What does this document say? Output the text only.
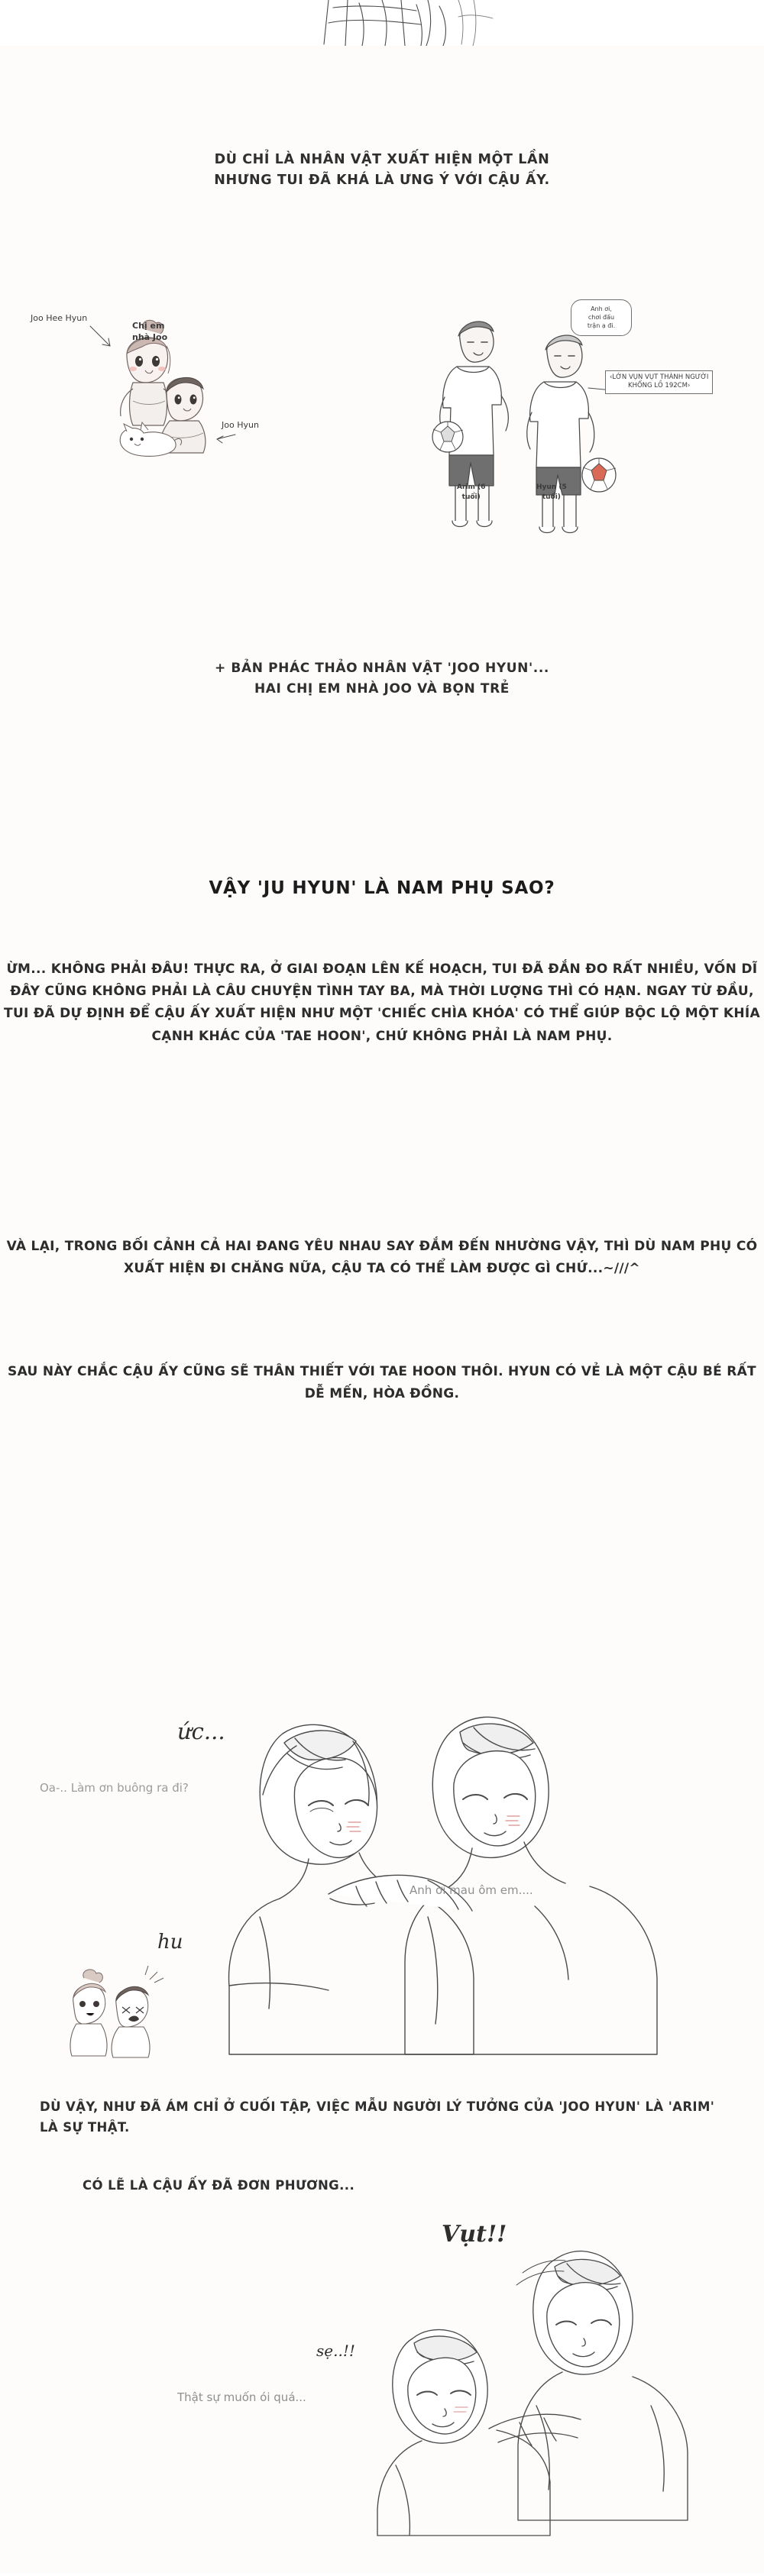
DÙ CHỈ LÀ NHÂN VẬT XUẤT HIỆN MỘT LẦN
NHƯNG TUI ĐÃ KHÁ LÀ ƯNG Ý VỚI CẬU ẤY.
Joo Hee Hyun
Chị em
nhà Joo
Joo Hyun
Anh ơi,
chơi đấu
trận ạ đi.
‹LỚN VỤN VỤT THÀNH NGƯỜI
KHỔNG LỒ 192CM›
Arim (6
tuổi)
Hyun (5
tuổi)
+ BẢN PHÁC THẢO NHÂN VẬT 'JOO HYUN'...
HAI CHỊ EM NHÀ JOO VÀ BỌN TRẺ
VẬY 'JU HYUN' LÀ NAM PHỤ SAO?
ỪM... KHÔNG PHẢI ĐÂU! THỰC RA, Ở GIAI ĐOẠN LÊN KẾ HOẠCH, TUI ĐÃ ĐẮN ĐO RẤT NHIỀU, VỐN DĨ ĐÂY CŨNG KHÔNG PHẢI LÀ CÂU CHUYỆN TÌNH TAY BA, MÀ THỜI LƯỢNG THÌ CÓ HẠN. NGAY TỪ ĐẦU, TUI ĐÃ DỰ ĐỊNH ĐỂ CẬU ẤY XUẤT HIỆN NHƯ MỘT 'CHIẾC CHÌA KHÓA' CÓ THỂ GIÚP BỘC LỘ MỘT KHÍA CẠNH KHÁC CỦA 'TAE HOON', CHỨ KHÔNG PHẢI LÀ NAM PHỤ.
VÀ LẠI, TRONG BỐI CẢNH CẢ HAI ĐANG YÊU NHAU SAY ĐẮM ĐẾN NHƯỜNG VẬY, THÌ DÙ NAM PHỤ CÓ XUẤT HIỆN ĐI CHĂNG NỮA, CẬU TA CÓ THỂ LÀM ĐƯỢC GÌ CHỨ...~///^
SAU NÀY CHẮC CẬU ẤY CŨNG SẼ THÂN THIẾT VỚI TAE HOON THÔI. HYUN CÓ VẺ LÀ MỘT CẬU BÉ RẤT DỄ MẾN, HÒA ĐỒNG.
ức...
Oa-.. Làm ơn buông ra đi?
Anh ơi mau ôm em....
hu
DÙ VẬY, NHƯ ĐÃ ÁM CHỈ Ở CUỐI TẬP, VIỆC MẪU NGƯỜI LÝ TƯỞNG CỦA 'JOO HYUN' LÀ 'ARIM' LÀ SỰ THẬT.
CÓ LẼ LÀ CẬU ẤY ĐÃ ĐƠN PHƯƠNG...
Vụt!!
sẹ..!!
Thật sự muốn ói quá...
